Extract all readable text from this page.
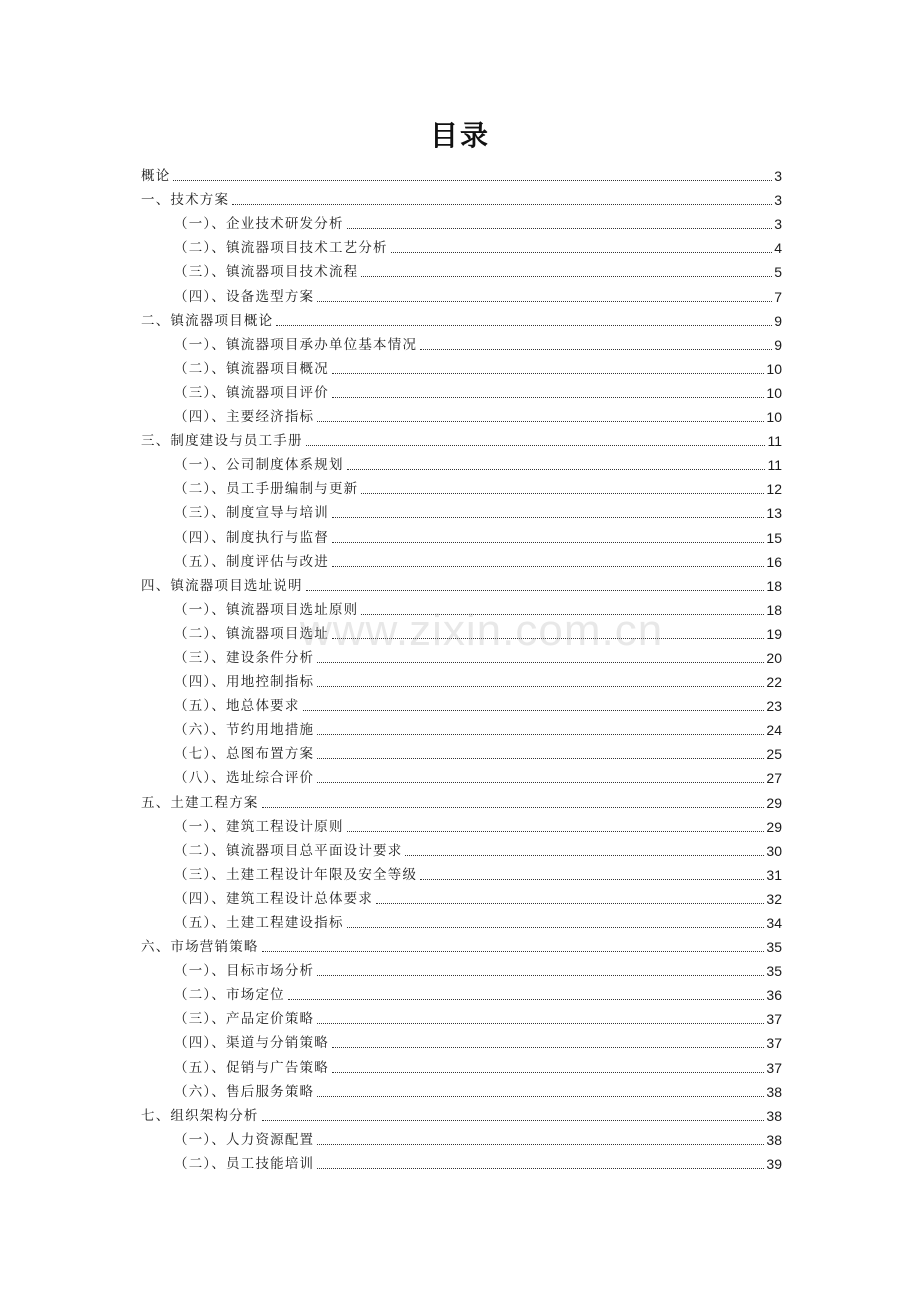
目录
概论	3
一、技术方案	3
（一）、企业技术研发分析	3
（二）、镇流器项目技术工艺分析	4
（三）、镇流器项目技术流程	5
（四）、设备选型方案	7
二、镇流器项目概论	9
（一）、镇流器项目承办单位基本情况	9
（二）、镇流器项目概况	10
（三）、镇流器项目评价	10
（四）、主要经济指标	10
三、制度建设与员工手册	11
（一）、公司制度体系规划	11
（二）、员工手册编制与更新	12
（三）、制度宣导与培训	13
（四）、制度执行与监督	15
（五）、制度评估与改进	16
四、镇流器项目选址说明	18
（一）、镇流器项目选址原则	18
（二）、镇流器项目选址	19
（三）、建设条件分析	20
（四）、用地控制指标	22
（五）、地总体要求	23
（六）、节约用地措施	24
（七）、总图布置方案	25
（八）、选址综合评价	27
五、土建工程方案	29
（一）、建筑工程设计原则	29
（二）、镇流器项目总平面设计要求	30
（三）、土建工程设计年限及安全等级	31
（四）、建筑工程设计总体要求	32
（五）、土建工程建设指标	34
六、市场营销策略	35
（一）、目标市场分析	35
（二）、市场定位	36
（三）、产品定价策略	37
（四）、渠道与分销策略	37
（五）、促销与广告策略	37
（六）、售后服务策略	38
七、组织架构分析	38
（一）、人力资源配置	38
（二）、员工技能培训	39
www.zixin.com.cn
